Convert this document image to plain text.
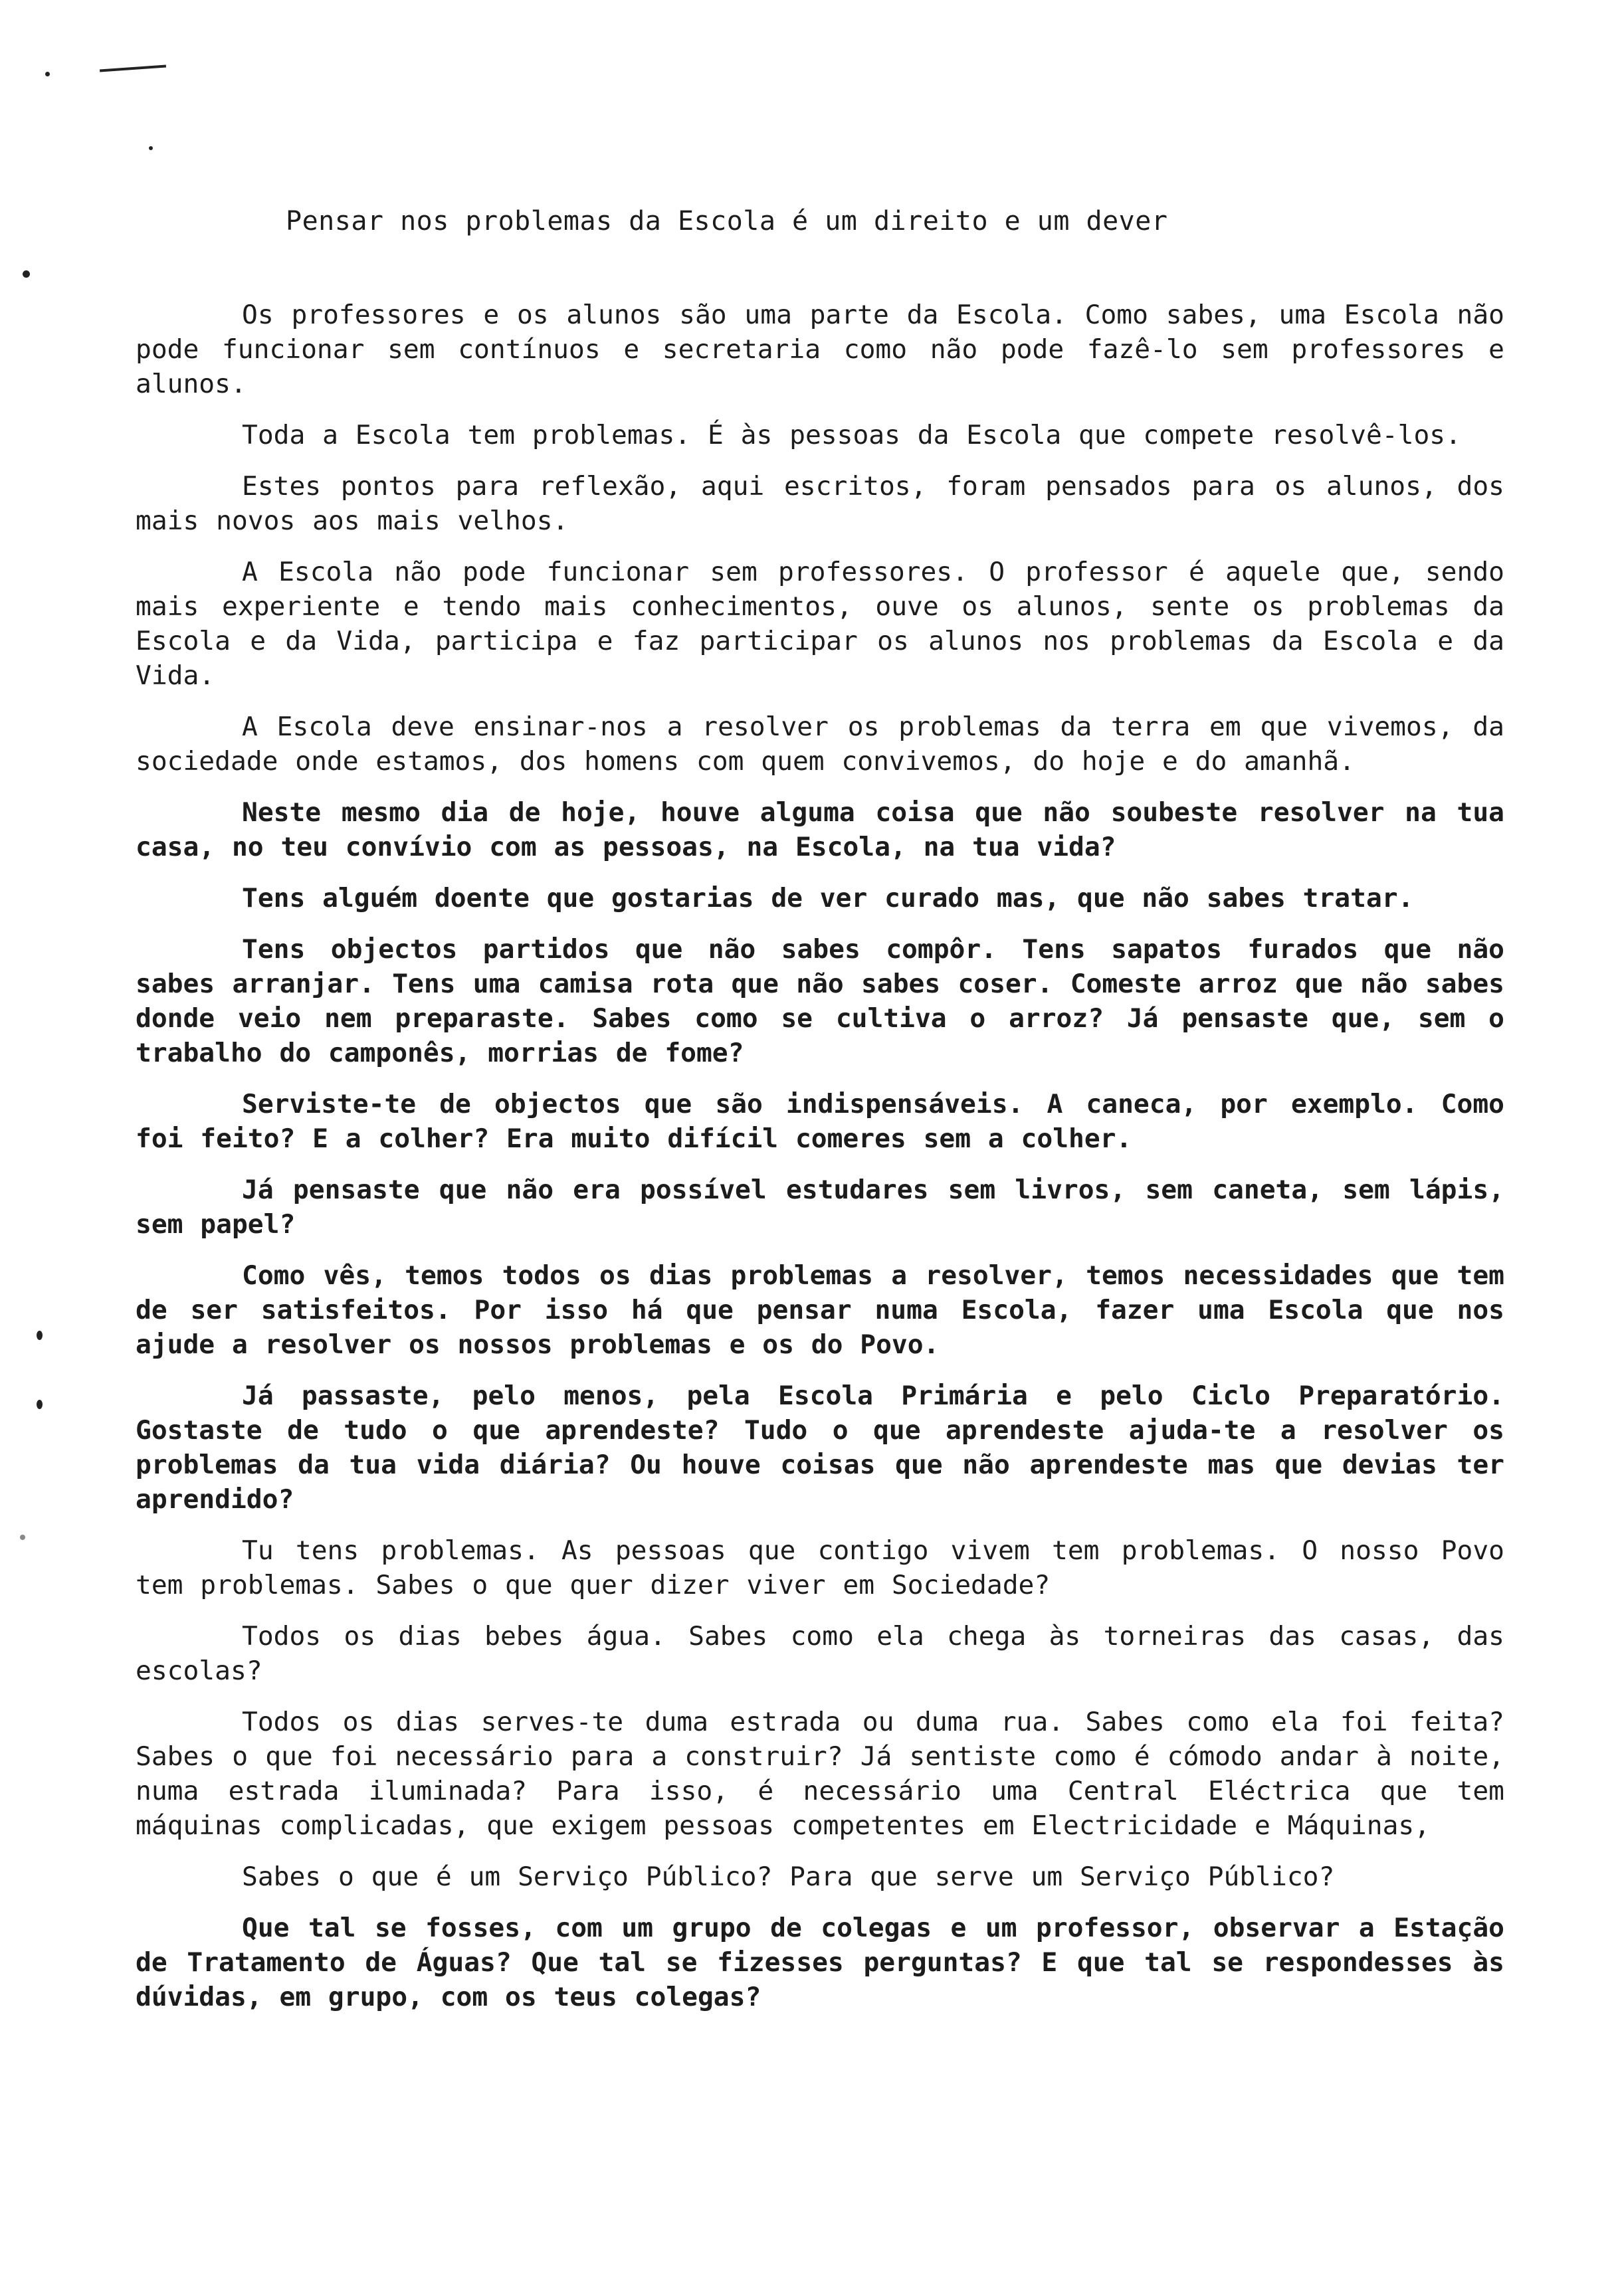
Pensar nos problemas da Escola é um direito e um dever

Os professores e os alunos são uma parte da Escola. Como sabes, uma Escola não pode funcionar sem contínuos e secretaria como não pode fazê-lo sem professores e alunos.

Toda a Escola tem problemas. É às pessoas da Escola que compete resolvê-los.

Estes pontos para reflexão, aqui escritos, foram pensados para os alunos, dos mais novos aos mais velhos.

A Escola não pode funcionar sem professores. O professor é aquele que, sendo mais experiente e tendo mais conhecimentos, ouve os alunos, sente os problemas da Escola e da Vida, participa e faz participar os alunos nos problemas da Escola e da Vida.

A Escola deve ensinar-nos a resolver os problemas da terra em que vivemos, da sociedade onde estamos, dos homens com quem convivemos, do hoje e do amanhã.

Neste mesmo dia de hoje, houve alguma coisa que não soubeste resolver na tua casa, no teu convívio com as pessoas, na Escola, na tua vida?

Tens alguém doente que gostarias de ver curado mas, que não sabes tratar.

Tens objectos partidos que não sabes compôr. Tens sapatos furados que não sabes arranjar. Tens uma camisa rota que não sabes coser. Comeste arroz que não sabes donde veio nem preparaste. Sabes como se cultiva o arroz? Já pensaste que, sem o trabalho do camponês, morrias de fome?

Serviste-te de objectos que são indispensáveis. A caneca, por exemplo. Como foi feito? E a colher? Era muito difícil comeres sem a colher.

Já pensaste que não era possível estudares sem livros, sem caneta, sem lápis, sem papel?

Como vês, temos todos os dias problemas a resolver, temos necessidades que tem de ser satisfeitos. Por isso há que pensar numa Escola, fazer uma Escola que nos ajude a resolver os nossos problemas e os do Povo.

Já passaste, pelo menos, pela Escola Primária e pelo Ciclo Preparatório. Gostaste de tudo o que aprendeste? Tudo o que aprendeste ajuda-te a resolver os problemas da tua vida diária? Ou houve coisas que não aprendeste mas que devias ter aprendido?

Tu tens problemas. As pessoas que contigo vivem tem problemas. O nosso Povo tem problemas. Sabes o que quer dizer viver em Sociedade?

Todos os dias bebes água. Sabes como ela chega às torneiras das casas, das escolas?

Todos os dias serves-te duma estrada ou duma rua. Sabes como ela foi feita? Sabes o que foi necessário para a construir? Já sentiste como é cómodo andar à noite, numa estrada iluminada? Para isso, é necessário uma Central Eléctrica que tem máquinas complicadas, que exigem pessoas competentes em Electricidade e Máquinas,

Sabes o que é um Serviço Público? Para que serve um Serviço Público?

Que tal se fosses, com um grupo de colegas e um professor, observar a Estação de Tratamento de Águas? Que tal se fizesses perguntas? E que tal se respondesses às dúvidas, em grupo, com os teus colegas?
